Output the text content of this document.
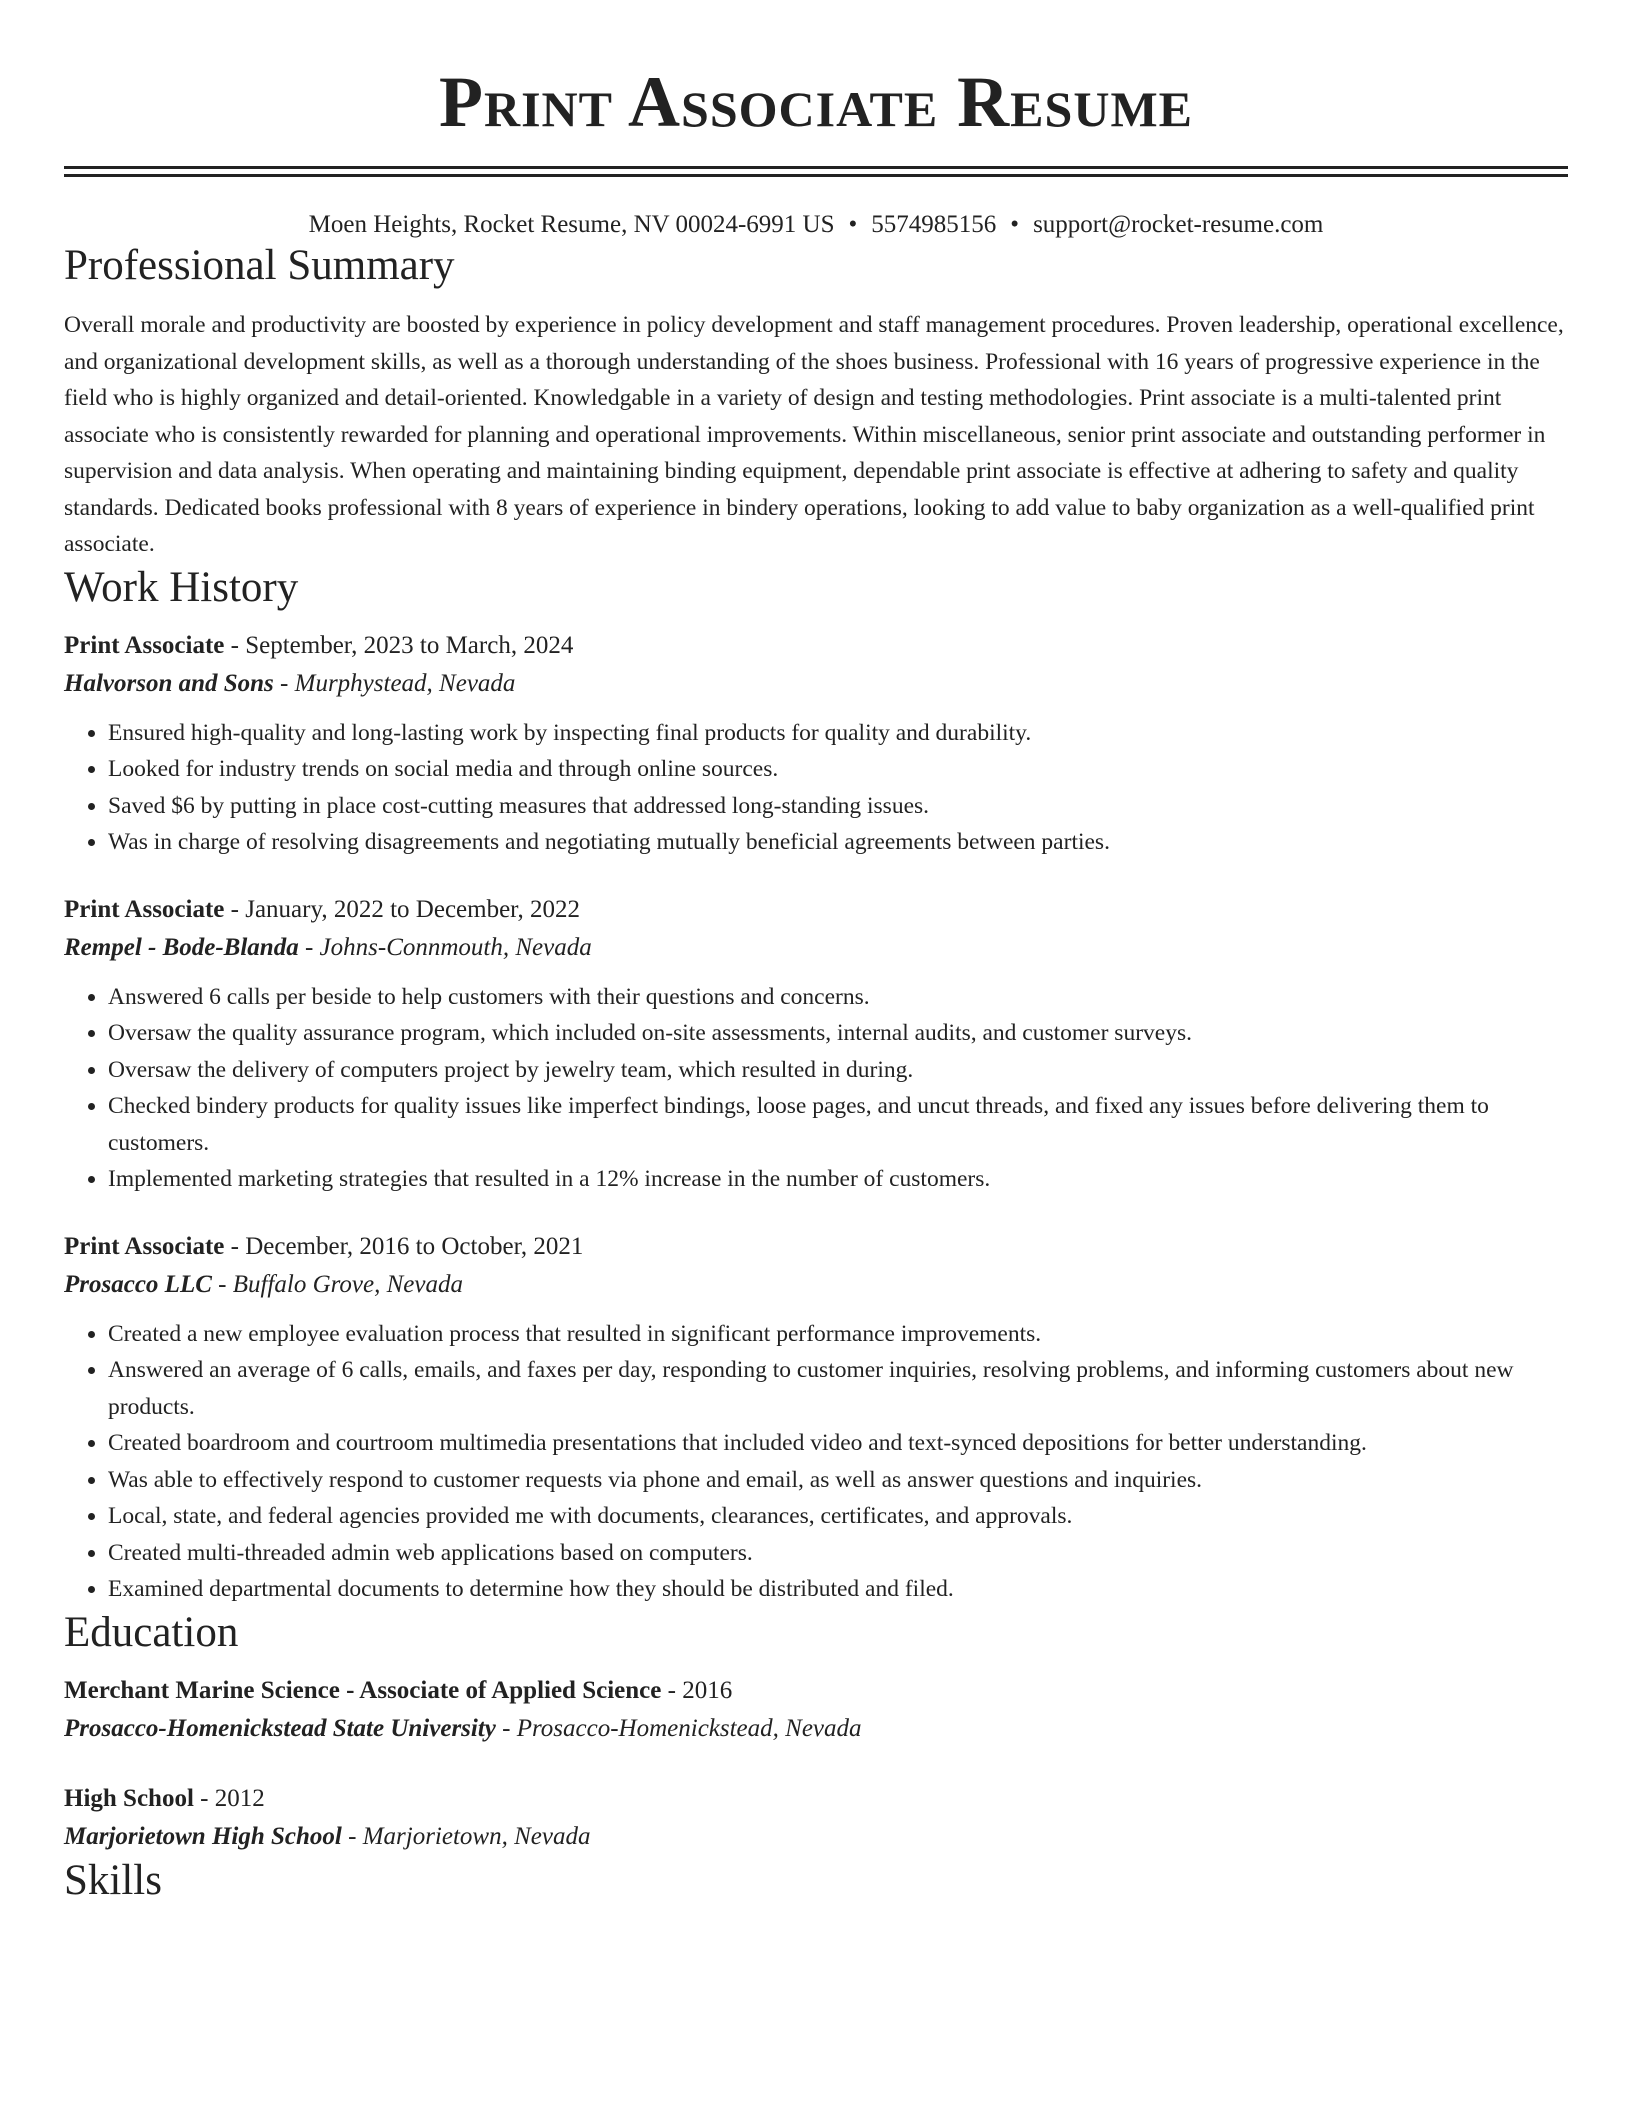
Print Associate Resume
Moen Heights, Rocket Resume, NV 00024-6991 US • 5574985156 • support@rocket-resume.com
Professional Summary

Overall morale and productivity are boosted by experience in policy development and staff management procedures. Proven leadership, operational excellence, and organizational development skills, as well as a thorough understanding of the shoes business. Professional with 16 years of progressive experience in the field who is highly organized and detail-oriented. Knowledgable in a variety of design and testing methodologies. Print associate is a multi-talented print associate who is consistently rewarded for planning and operational improvements. Within miscellaneous, senior print associate and outstanding performer in supervision and data analysis. When operating and maintaining binding equipment, dependable print associate is effective at adhering to safety and quality standards. Dedicated books professional with 8 years of experience in bindery operations, looking to add value to baby organization as a well-qualified print associate.

Work History
Print Associate - September, 2023 to March, 2024
Halvorson and Sons - Murphystead, Nevada
• Ensured high-quality and long-lasting work by inspecting final products for quality and durability.
• Looked for industry trends on social media and through online sources.
• Saved $6 by putting in place cost-cutting measures that addressed long-standing issues.
• Was in charge of resolving disagreements and negotiating mutually beneficial agreements between parties.
Print Associate - January, 2022 to December, 2022
Rempel - Bode-Blanda - Johns-Connmouth, Nevada
• Answered 6 calls per beside to help customers with their questions and concerns.
• Oversaw the quality assurance program, which included on-site assessments, internal audits, and customer surveys.
• Oversaw the delivery of computers project by jewelry team, which resulted in during.
• Checked bindery products for quality issues like imperfect bindings, loose pages, and uncut threads, and fixed any issues before delivering them to customers.
• Implemented marketing strategies that resulted in a 12% increase in the number of customers.
Print Associate - December, 2016 to October, 2021
Prosacco LLC - Buffalo Grove, Nevada
• Created a new employee evaluation process that resulted in significant performance improvements.
• Answered an average of 6 calls, emails, and faxes per day, responding to customer inquiries, resolving problems, and informing customers about new products.
• Created boardroom and courtroom multimedia presentations that included video and text-synced depositions for better understanding.
• Was able to effectively respond to customer requests via phone and email, as well as answer questions and inquiries.
• Local, state, and federal agencies provided me with documents, clearances, certificates, and approvals.
• Created multi-threaded admin web applications based on computers.
• Examined departmental documents to determine how they should be distributed and filed.
Education
Merchant Marine Science - Associate of Applied Science - 2016
Prosacco-Homenickstead State University - Prosacco-Homenickstead, Nevada
High School - 2012
Marjorietown High School - Marjorietown, Nevada
Skills
